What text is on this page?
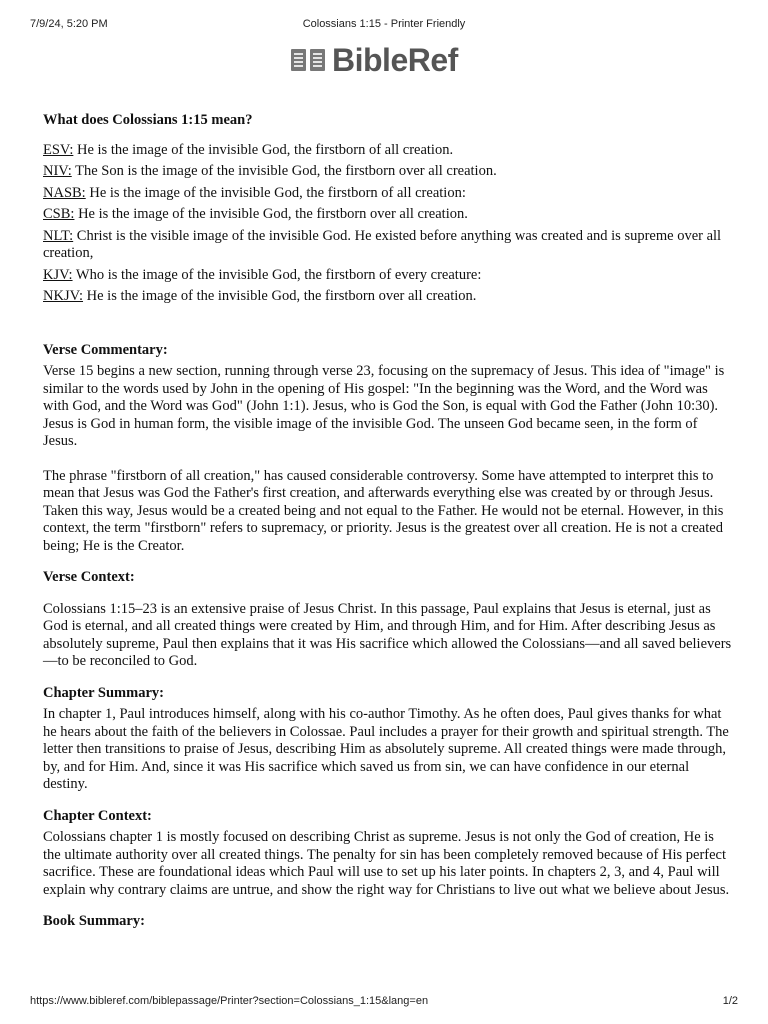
7/9/24, 5:20 PM	Colossians 1:15 - Printer Friendly
BibleRef
What does Colossians 1:15 mean?
ESV: He is the image of the invisible God, the firstborn of all creation.
NIV: The Son is the image of the invisible God, the firstborn over all creation.
NASB: He is the image of the invisible God, the firstborn of all creation:
CSB: He is the image of the invisible God, the firstborn over all creation.
NLT: Christ is the visible image of the invisible God. He existed before anything was created and is supreme over all creation,
KJV: Who is the image of the invisible God, the firstborn of every creature:
NKJV: He is the image of the invisible God, the firstborn over all creation.
Verse Commentary:

Verse 15 begins a new section, running through verse 23, focusing on the supremacy of Jesus. This idea of "image" is similar to the words used by John in the opening of His gospel: "In the beginning was the Word, and the Word was with God, and the Word was God" (John 1:1). Jesus, who is God the Son, is equal with God the Father (John 10:30). Jesus is God in human form, the visible image of the invisible God. The unseen God became seen, in the form of Jesus.

The phrase "firstborn of all creation," has caused considerable controversy. Some have attempted to interpret this to mean that Jesus was God the Father's first creation, and afterwards everything else was created by or through Jesus. Taken this way, Jesus would be a created being and not equal to the Father. He would not be eternal. However, in this context, the term "firstborn" refers to supremacy, or priority. Jesus is the greatest over all creation. He is not a created being; He is the Creator.

Verse Context:

Colossians 1:15–23 is an extensive praise of Jesus Christ. In this passage, Paul explains that Jesus is eternal, just as God is eternal, and all created things were created by Him, and through Him, and for Him. After describing Jesus as absolutely supreme, Paul then explains that it was His sacrifice which allowed the Colossians—and all saved believers—to be reconciled to God.

Chapter Summary:

In chapter 1, Paul introduces himself, along with his co-author Timothy. As he often does, Paul gives thanks for what he hears about the faith of the believers in Colossae. Paul includes a prayer for their growth and spiritual strength. The letter then transitions to praise of Jesus, describing Him as absolutely supreme. All created things were made through, by, and for Him. And, since it was His sacrifice which saved us from sin, we can have confidence in our eternal destiny.

Chapter Context:

Colossians chapter 1 is mostly focused on describing Christ as supreme. Jesus is not only the God of creation, He is the ultimate authority over all created things. The penalty for sin has been completely removed because of His perfect sacrifice. These are foundational ideas which Paul will use to set up his later points. In chapters 2, 3, and 4, Paul will explain why contrary claims are untrue, and show the right way for Christians to live out what we believe about Jesus.

Book Summary:
https://www.bibleref.com/biblepassage/Printer?section=Colossians_1:15&lang=en	1/2
